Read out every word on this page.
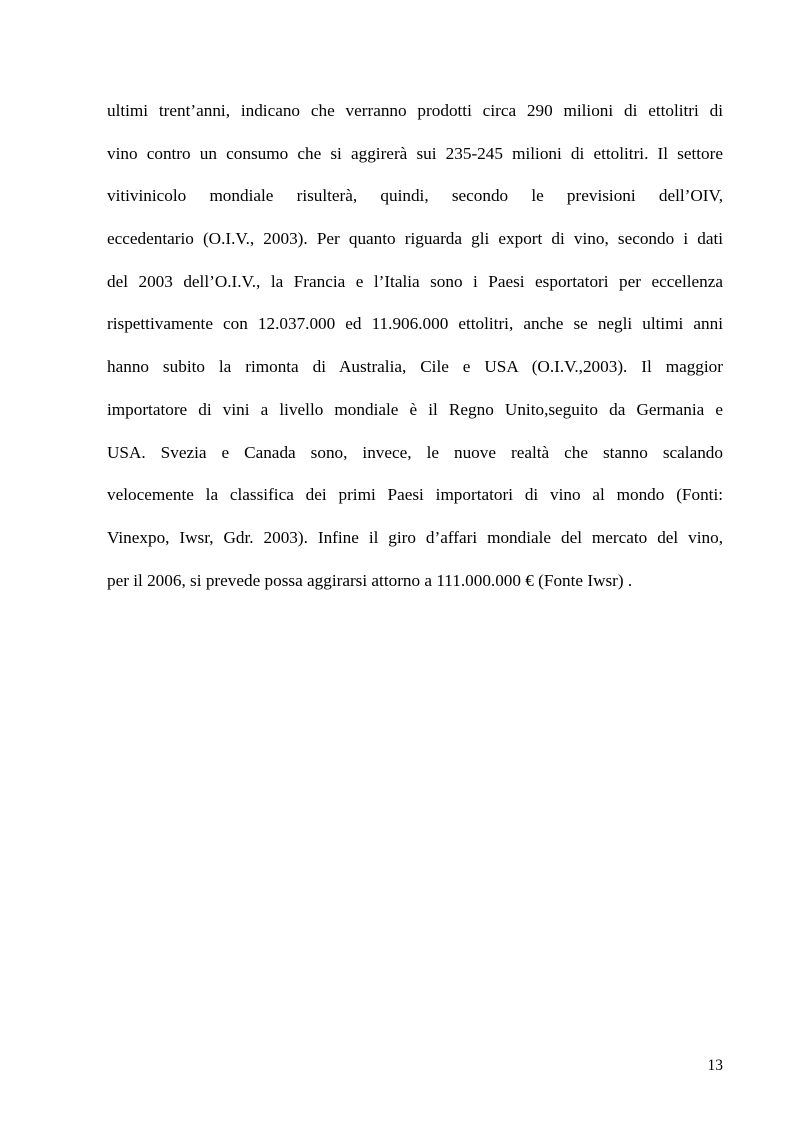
ultimi trent’anni, indicano che verranno prodotti circa 290 milioni di ettolitri di
vino contro un consumo che si aggirerà sui 235-245 milioni di ettolitri. Il settore
vitivinicolo mondiale risulterà, quindi, secondo le previsioni dell’OIV,
eccedentario (O.I.V., 2003). Per quanto riguarda gli export di vino, secondo i dati
del 2003 dell’O.I.V., la Francia e l’Italia sono i Paesi esportatori per eccellenza
rispettivamente con 12.037.000 ed 11.906.000 ettolitri, anche se negli ultimi anni
hanno subito la rimonta di Australia, Cile e USA (O.I.V.,2003). Il maggior
importatore di vini a livello mondiale è il Regno Unito,seguito da Germania e
USA. Svezia e Canada sono, invece, le nuove realtà che stanno scalando
velocemente la classifica dei primi Paesi importatori di vino al mondo (Fonti:
Vinexpo, Iwsr, Gdr. 2003). Infine il giro d’affari mondiale del mercato del vino,
per il 2006, si prevede possa aggirarsi attorno a 111.000.000 € (Fonte Iwsr) .
13
